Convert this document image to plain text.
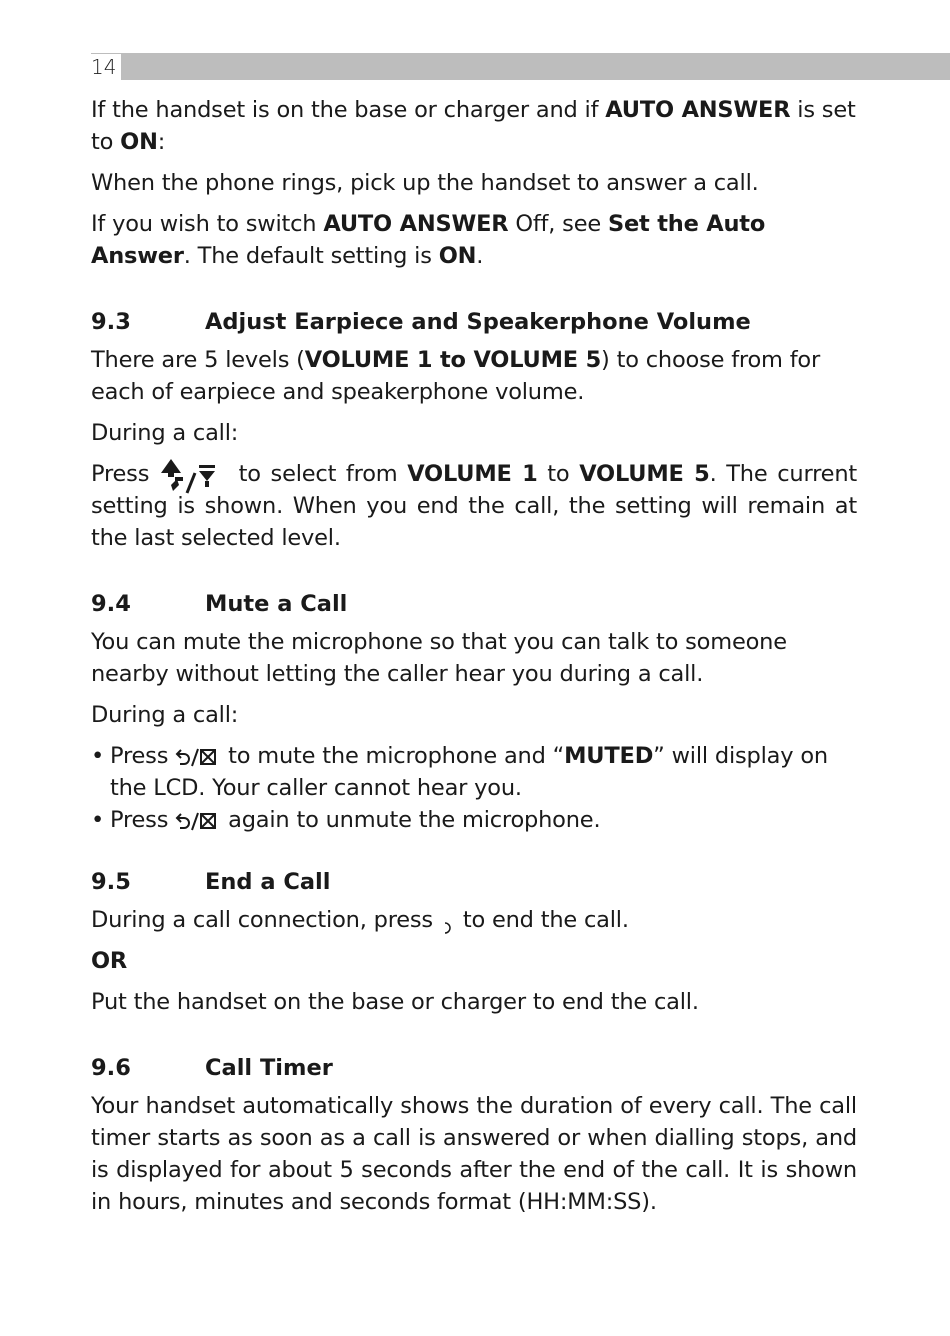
14

If the handset is on the base or charger and if AUTO ANSWER is set to ON:

When the phone rings, pick up the handset to answer a call.

If you wish to switch AUTO ANSWER Off, see Set the Auto Answer. The default setting is ON.

9.3	Adjust Earpiece and Speakerphone Volume

There are 5 levels (VOLUME 1 to VOLUME 5) to choose from for each of earpiece and speakerphone volume.

During a call:

Press	to select from VOLUME 1 to VOLUME 5. The current setting is shown. When you end the call, the setting will remain at the last selected level.

9.4	Mute a Call

You can mute the microphone so that you can talk to someone nearby without letting the caller hear you during a call.

During a call:

• Press  to mute the microphone and “MUTED” will display on the LCD. Your caller cannot hear you.
• Press  again to unmute the microphone.
9.5	End a Call

During a call connection, press  to end the call.

OR

Put the handset on the base or charger to end the call.

9.6	Call Timer

Your handset automatically shows the duration of every call. The call timer starts as soon as a call is answered or when dialling stops, and is displayed for about 5 seconds after the end of the call. It is shown in hours, minutes and seconds format (HH:MM:SS).
